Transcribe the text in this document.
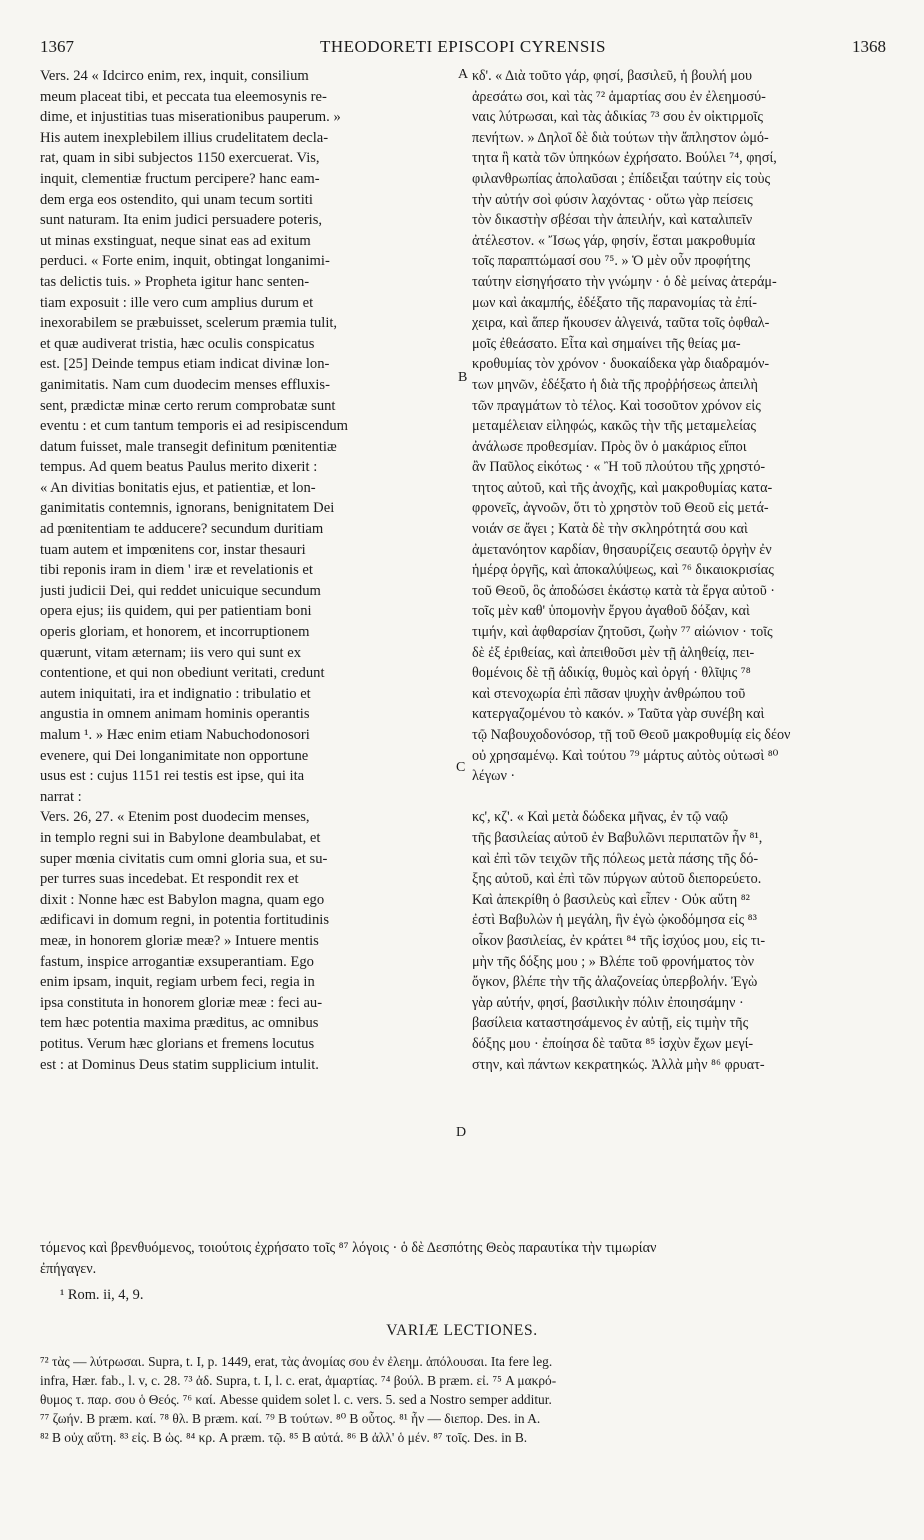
1367	THEODORETI EPISCOPI CYRENSIS	1368
Vers. 24 « Idcirco enim, rex, inquit, consilium
meum placeat tibi, et peccata tua eleemosynis re-
dime, et injustitias tuas miserationibus pauperum. »
His autem inexplebilem illius crudelitatem decla-
rat, quam in sibi subjectos 1150 exercuerat. Vis,
inquit, clementiæ fructum percipere? hanc eam-
dem erga eos ostendito, qui unam tecum sortiti
sunt naturam. Ita enim judici persuadere poteris,
ut minas exstinguat, neque sinat eas ad exitum
perduci. « Forte enim, inquit, obtingat longanimi-
tas delictis tuis. » Propheta igitur hanc senten-
tiam exposuit : ille vero cum amplius durum et
inexorabilem se præbuisset, scelerum præmia tulit,
et quæ audiverat tristia, hæc oculis conspicatus
est. [25] Deinde tempus etiam indicat divinæ lon-
ganimitatis. Nam cum duodecim menses effluxis-
sent, prædictæ minæ certo rerum comprobatæ sunt
eventu : et cum tantum temporis ei ad resipiscendum
datum fuisset, male transegit definitum pœnitentiæ
tempus. Ad quem beatus Paulus merito dixerit :
« An divitias bonitatis ejus, et patientiæ, et lon-
ganimitatis contemnis, ignorans, benignitatem Dei
ad pœnitentiam te adducere? secundum duritiam
tuam autem et impœnitens cor, instar thesauri
tibi reponis iram in diem ' iræ et revelationis et
justi judicii Dei, qui reddet unicuique secundum
opera ejus; iis quidem, qui per patientiam boni
operis gloriam, et honorem, et incorruptionem
quærunt, vitam æternam; iis vero qui sunt ex
contentione, et qui non obediunt veritati, credunt
autem iniquitati, ira et indignatio : tribulatio et
angustia in omnem animam hominis operantis
malum ¹. » Hæc enim etiam Nabuchodonosori
evenere, qui Dei longanimitate non opportune
usus est : cujus 1151 rei testis est ipse, qui ita
narrat :
Vers. 26, 27. « Etenim post duodecim menses,
in templo regni sui in Babylone deambulabat, et
super mœnia civitatis cum omni gloria sua, et su-
per turres suas incedebat. Et respondit rex et
dixit : Nonne hæc est Babylon magna, quam ego
ædificavi in domum regni, in potentia fortitudinis
meæ, in honorem gloriæ meæ? » Intuere mentis
fastum, inspice arrogantiæ exsuperantiam. Ego
enim ipsam, inquit, regiam urbem feci, regia in
ipsa constituta in honorem gloriæ meæ : feci au-
tem hæc potentia maxima præditus, ac omnibus
potitus. Verum hæc glorians et fremens locutus
est : at Dominus Deus statim supplicium intulit.
κδ'. « Διὰ τοῦτο γάρ, φησί, βασιλεῦ, ἡ βουλή μου
ἀρεσάτω σοι, καὶ τὰς ⁷² ἁμαρτίας σου ἐν ἐλεημοσύ-
ναις λύτρωσαι, καὶ τὰς ἀδικίας ⁷³ σου ἐν οἰκτιρμοῖς
πενήτων. » Δηλοῖ δὲ διὰ τούτων τὴν ἄπληστον ὠμό-
τητα ἣ κατὰ τῶν ὑπηκόων ἐχρήσατο. Βούλει ⁷⁴, φησί,
φιλανθρωπίας ἀπολαῦσαι ; ἐπίδειξαι ταύτην εἰς τοὺς
τὴν αὐτήν σοὶ φύσιν λαχόντας · οὕτω γὰρ πείσεις
τὸν δικαστὴν σβέσαι τὴν ἀπειλήν, καὶ καταλιπεῖν
ἀτέλεστον. « Ἴσως γάρ, φησίν, ἔσται μακροθυμία
τοῖς παραπτώμασί σου ⁷⁵. » Ὁ μὲν οὖν προφήτης
ταύτην εἰσηγήσατο τὴν γνώμην · ὁ δὲ μείνας ἀτεράμ-
μων καὶ ἀκαμπής, ἐδέξατο τῆς παρανομίας τὰ ἐπί-
χειρα, καὶ ἅπερ ἤκουσεν ἀλγεινά, ταῦτα τοῖς ὀφθαλ-
μοῖς ἐθεάσατο. Εἶτα καὶ σημαίνει τῆς θείας μα-
κροθυμίας τὸν χρόνον · δυοκαίδεκα γὰρ διαδραμόν-
των μηνῶν, ἐδέξατο ἡ διὰ τῆς προῤῥήσεως ἀπειλὴ
τῶν πραγμάτων τὸ τέλος. Καὶ τοσοῦτον χρόνον εἰς
μεταμέλειαν εἰληφώς, κακῶς τὴν τῆς μεταμελείας
ἀνάλωσε προθεσμίαν. Πρὸς ὃν ὁ μακάριος εἴποι
ἂν Παῦλος εἰκότως · « Ἢ τοῦ πλούτου τῆς χρηστό-
τητος αὐτοῦ, καὶ τῆς ἀνοχῆς, καὶ μακροθυμίας κατα-
φρονεῖς, ἀγνοῶν, ὅτι τὸ χρηστὸν τοῦ Θεοῦ εἰς μετά-
νοιάν σε ἄγει ; Κατὰ δὲ τὴν σκληρότητά σου καὶ
ἀμετανόητον καρδίαν, θησαυρίζεις σεαυτῷ ὀργὴν ἐν
ἡμέρᾳ ὀργῆς, καὶ ἀποκαλύψεως, καὶ ⁷⁶ δικαιοκρισίας
τοῦ Θεοῦ, ὃς ἀποδώσει ἑκάστῳ κατὰ τὰ ἔργα αὐτοῦ ·
τοῖς μὲν καθ' ὑπομονὴν ἔργου ἀγαθοῦ δόξαν, καὶ
τιμήν, καὶ ἀφθαρσίαν ζητοῦσι, ζωὴν ⁷⁷ αἰώνιον · τοῖς
δὲ ἐξ ἐριθείας, καὶ ἀπειθοῦσι μὲν τῇ ἀληθείᾳ, πει-
θομένοις δὲ τῇ ἀδικίᾳ, θυμὸς καὶ ὀργή · θλῖψις ⁷⁸
καὶ στενοχωρία ἐπὶ πᾶσαν ψυχὴν ἀνθρώπου τοῦ
κατεργαζομένου τὸ κακόν. » Ταῦτα γὰρ συνέβη καὶ
τῷ Ναβουχοδονόσορ, τῇ τοῦ Θεοῦ μακροθυμίᾳ εἰς δέον
οὐ χρησαμένῳ. Καὶ τούτου ⁷⁹ μάρτυς αὐτὸς οὑτωσὶ ⁸⁰
λέγων ·
κς', κζ'. « Καὶ μετὰ δώδεκα μῆνας, ἐν τῷ ναῷ
τῆς βασιλείας αὐτοῦ ἐν Βαβυλῶνι περιπατῶν ἦν ⁸¹,
καὶ ἐπὶ τῶν τειχῶν τῆς πόλεως μετὰ πάσης τῆς δό-
ξης αὐτοῦ, καὶ ἐπὶ τῶν πύργων αὐτοῦ διεπορεύετο.
Καὶ ἀπεκρίθη ὁ βασιλεὺς καὶ εἶπεν · Οὐκ αὕτη ⁸²
ἐστὶ Βαβυλὼν ἡ μεγάλη, ἣν ἐγὼ ᾠκοδόμησα εἰς ⁸³
οἶκον βασιλείας, ἐν κράτει ⁸⁴ τῆς ἰσχύος μου, εἰς τι-
μὴν τῆς δόξης μου ; » Βλέπε τοῦ φρονήματος τὸν
ὄγκον, βλέπε τὴν τῆς ἀλαζονείας ὑπερβολήν. Ἐγὼ
γὰρ αὐτήν, φησί, βασιλικὴν πόλιν ἐποιησάμην ·
βασίλεια καταστησάμενος ἐν αὐτῇ, εἰς τιμὴν τῆς
δόξης μου · ἐποίησα δὲ ταῦτα ⁸⁵ ἰσχὺν ἔχων μεγί-
στην, καὶ πάντων κεκρατηκώς. Ἀλλὰ μὴν ⁸⁶ φρυατ-
A
B
C
D
τόμενος καὶ βρενθυόμενος, τοιούτοις ἐχρήσατο τοῖς ⁸⁷ λόγοις · ὁ δὲ Δεσπότης Θεὸς παραυτίκα τὴν τιμωρίαν
ἐπήγαγεν.
¹ Rom. ii, 4, 9.
VARIÆ LECTIONES.
⁷² τὰς — λύτρωσαι. Supra, t. I, p. 1449, erat, τὰς ἀνομίας σου ἐν ἐλεημ. ἀπόλουσαι. Ita fere leg.
infra, Hær. fab., l. v, c. 28. ⁷³ ἀδ. Supra, t. I, l. c. erat, ἁμαρτίας. ⁷⁴ βούλ. B præm. εἰ. ⁷⁵ A μακρό-
θυμος τ. παρ. σου ὁ Θεός. ⁷⁶ καί. Abesse quidem solet l. c. vers. 5. sed a Nostro semper additur.
⁷⁷ ζωήν. B præm. καί. ⁷⁸ θλ. B præm. καί. ⁷⁹ B τούτων. ⁸⁰ B οὗτος. ⁸¹ ἦν — διεπορ. Des. in A.
⁸² B οὐχ αὕτη. ⁸³ εἰς. B ὡς. ⁸⁴ κρ. A præm. τῷ. ⁸⁵ B αὐτά. ⁸⁶ B ἀλλ' ὁ μέν. ⁸⁷ τοῖς. Des. in B.
